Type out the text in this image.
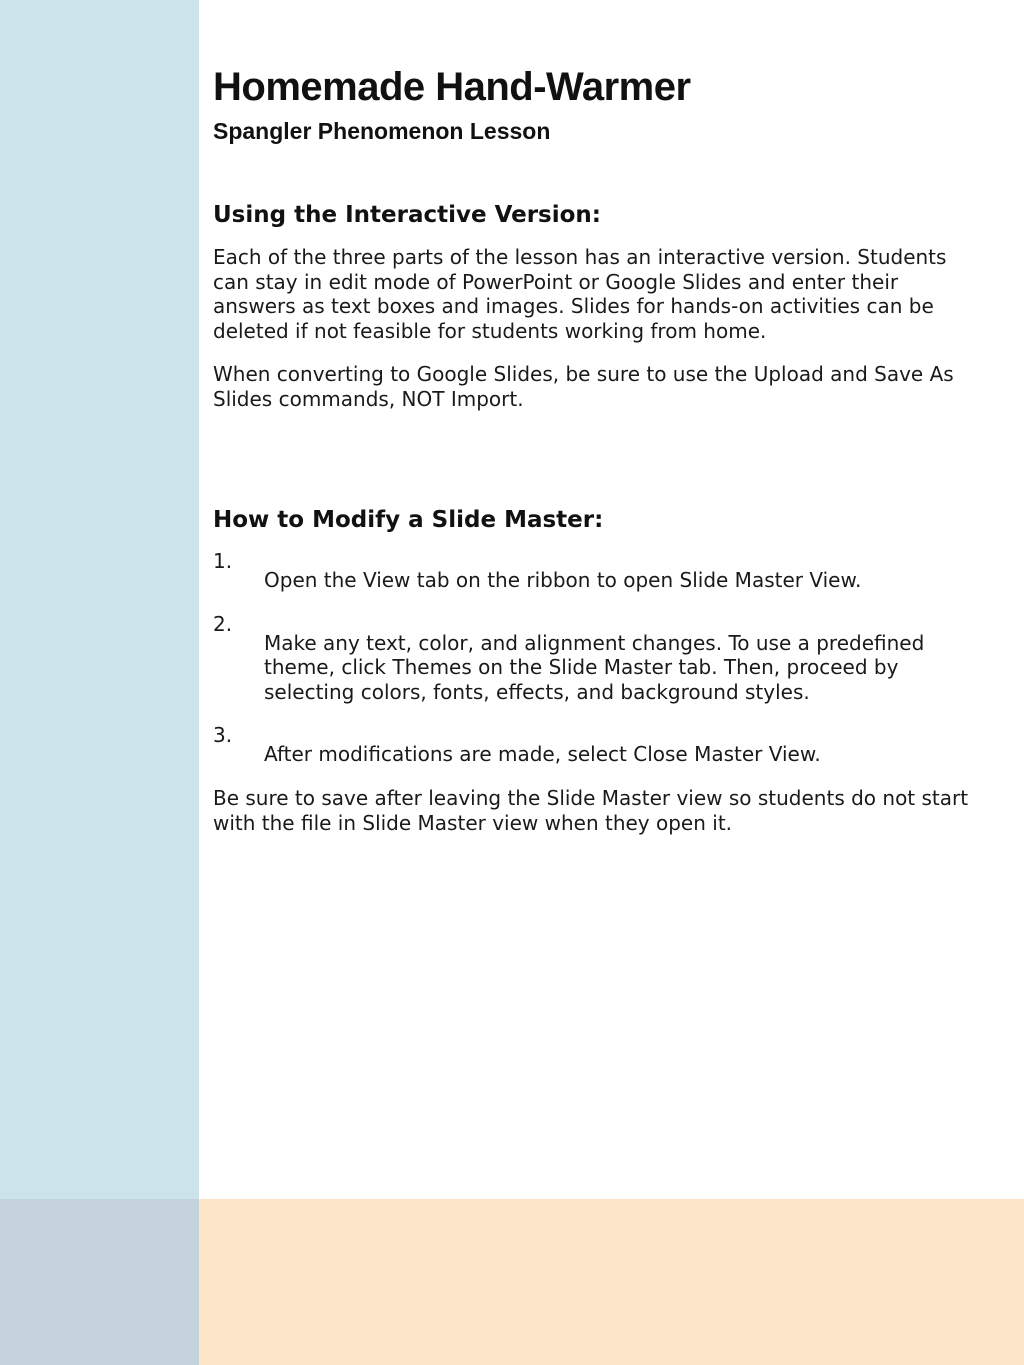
Homemade Hand-Warmer
Spangler Phenomenon Lesson
Using the Interactive Version:

Each of the three parts of the lesson has an interactive version. Students can stay in edit mode of PowerPoint or Google Slides and enter their answers as text boxes and images. Slides for hands-on activities can be deleted if not feasible for students working from home.

When converting to Google Slides, be sure to use the Upload and Save As Slides commands, NOT Import.

How to Modify a Slide Master:
1.
Open the View tab on the ribbon to open Slide Master View.
2.
Make any text, color, and alignment changes. To use a predefined theme, click Themes on the Slide Master tab. Then, proceed by selecting colors, fonts, effects, and background styles.
3.
After modifications are made, select Close Master View.

Be sure to save after leaving the Slide Master view so students do not start with the file in Slide Master view when they open it.
